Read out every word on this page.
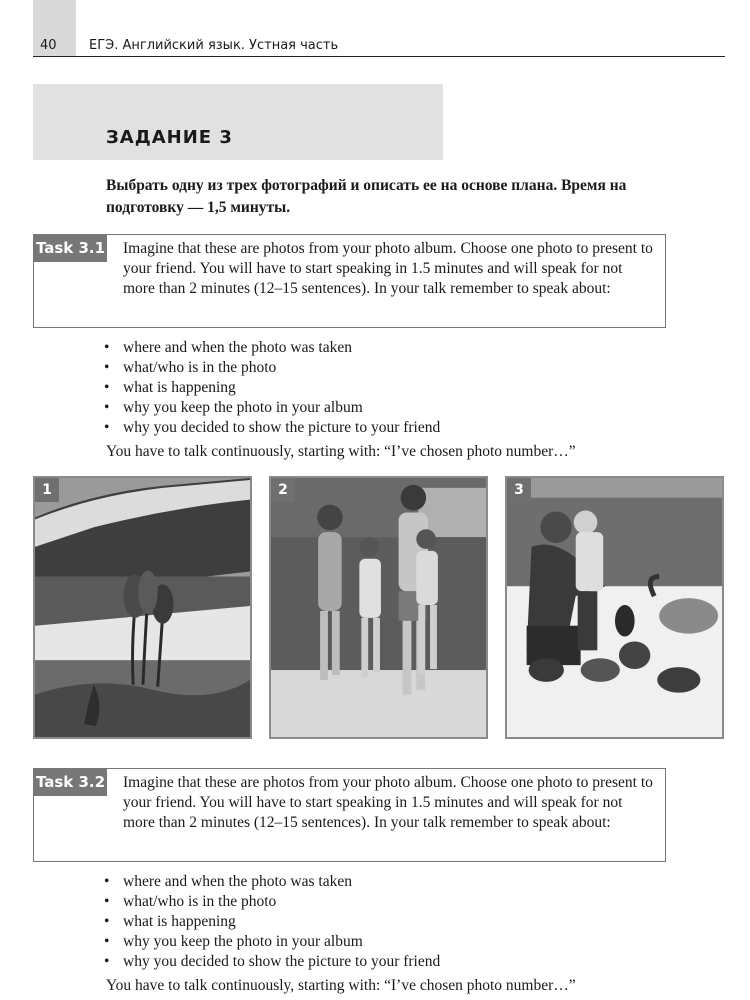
40 ЕГЭ. Английский язык. Устная часть
ЗАДАНИЕ 3
Выбрать одну из трех фотографий и описать ее на основе плана. Время на подготовку — 1,5 минуты.
Task 3.1 Imagine that these are photos from your photo album. Choose one photo to present to your friend. You will have to start speaking in 1.5 minutes and will speak for not more than 2 minutes (12–15 sentences). In your talk remember to speak about:
• where and when the photo was taken
• what/who is in the photo
• what is happening
• why you keep the photo in your album
• why you decided to show the picture to your friend
You have to talk continuously, starting with: “I’ve chosen photo number…”
1	2	3
Task 3.2 Imagine that these are photos from your photo album. Choose one photo to present to your friend. You will have to start speaking in 1.5 minutes and will speak for not more than 2 minutes (12–15 sentences). In your talk remember to speak about:
• where and when the photo was taken
• what/who is in the photo
• what is happening
• why you keep the photo in your album
• why you decided to show the picture to your friend
You have to talk continuously, starting with: “I’ve chosen photo number…”
